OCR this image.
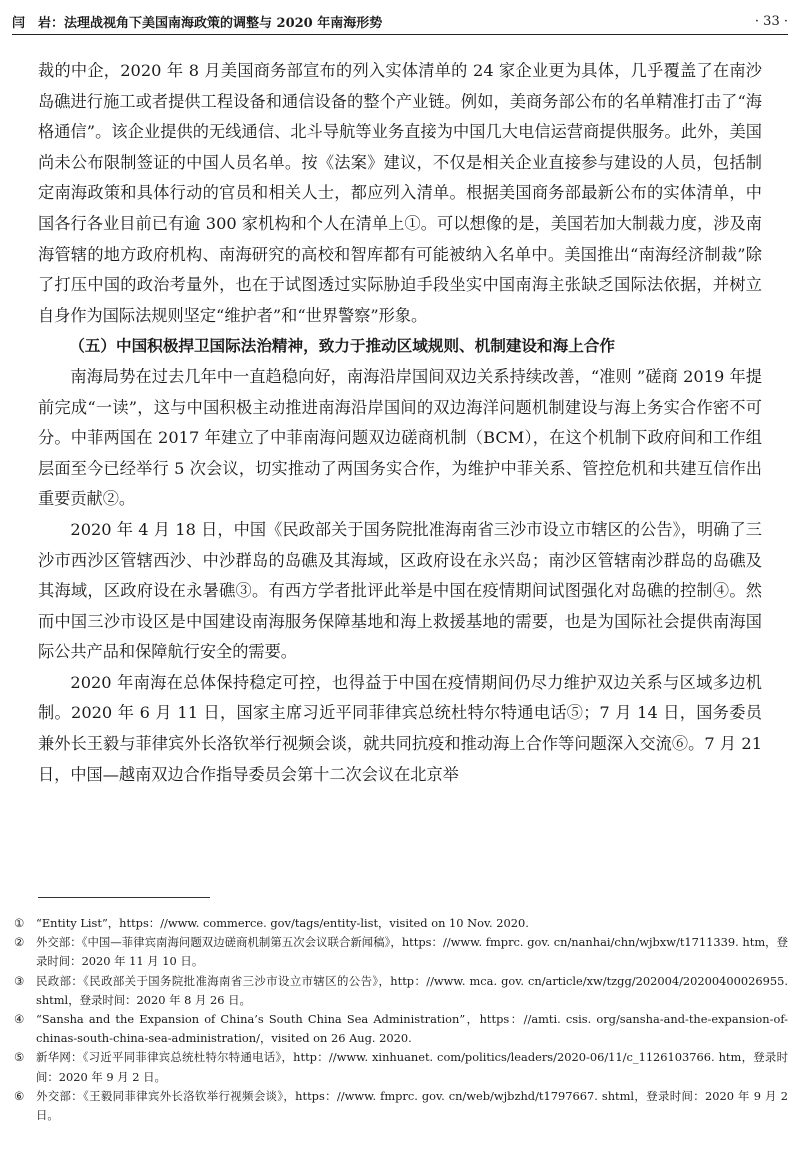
闫　岩：法理战视角下美国南海政策的调整与 2020 年南海形势	· 33 ·

裁的中企，2020 年 8 月美国商务部宣布的列入实体清单的 24 家企业更为具体，几乎覆盖了在南沙岛礁进行施工或者提供工程设备和通信设备的整个产业链。例如，美商务部公布的名单精准打击了“海格通信”。该企业提供的无线通信、北斗导航等业务直接为中国几大电信运营商提供服务。此外，美国尚未公布限制签证的中国人员名单。按《法案》建议，不仅是相关企业直接参与建设的人员，包括制定南海政策和具体行动的官员和相关人士，都应列入清单。根据美国商务部最新公布的实体清单，中国各行各业目前已有逾 300 家机构和个人在清单上①。可以想像的是，美国若加大制裁力度，涉及南海管辖的地方政府机构、南海研究的高校和智库都有可能被纳入名单中。美国推出“南海经济制裁”除了打压中国的政治考量外，也在于试图透过实际胁迫手段坐实中国南海主张缺乏国际法依据，并树立自身作为国际法规则坚定“维护者”和“世界警察”形象。

（五）中国积极捍卫国际法治精神，致力于推动区域规则、机制建设和海上合作

南海局势在过去几年中一直趋稳向好，南海沿岸国间双边关系持续改善，“准则 ”磋商 2019 年提前完成“一读”，这与中国积极主动推进南海沿岸国间的双边海洋问题机制建设与海上务实合作密不可分。中菲两国在 2017 年建立了中菲南海问题双边磋商机制（BCM），在这个机制下政府间和工作组层面至今已经举行 5 次会议，切实推动了两国务实合作，为维护中菲关系、管控危机和共建互信作出重要贡献②。

2020 年 4 月 18 日，中国《民政部关于国务院批准海南省三沙市设立市辖区的公告》，明确了三沙市西沙区管辖西沙、中沙群岛的岛礁及其海域，区政府设在永兴岛；南沙区管辖南沙群岛的岛礁及其海域，区政府设在永暑礁③。有西方学者批评此举是中国在疫情期间试图强化对岛礁的控制④。然而中国三沙市设区是中国建设南海服务保障基地和海上救援基地的需要，也是为国际社会提供南海国际公共产品和保障航行安全的需要。

2020 年南海在总体保持稳定可控，也得益于中国在疫情期间仍尽力维护双边关系与区域多边机制。2020 年 6 月 11 日，国家主席习近平同菲律宾总统杜特尔特通电话⑤；7 月 14 日，国务委员兼外长王毅与菲律宾外长洛钦举行视频会谈，就共同抗疫和推动海上合作等问题深入交流⑥。7 月 21 日，中国—越南双边合作指导委员会第十二次会议在北京举

①	“Entity List”，https：//www. commerce. gov/tags/entity-list，visited on 10 Nov. 2020.
②	外交部：《中国—菲律宾南海问题双边磋商机制第五次会议联合新闻稿》，https：//www. fmprc. gov. cn/nanhai/chn/wjbxw/t1711339. htm，登录时间：2020 年 11 月 10 日。
③	民政部：《民政部关于国务院批准海南省三沙市设立市辖区的公告》，http：//www. mca. gov. cn/article/xw/tzgg/202004/20200400026955. shtml，登录时间：2020 年 8 月 26 日。
④	“Sansha and the Expansion of China’s South China Sea Administration”，https：//amti. csis. org/sansha-and-the-expansion-of-chinas-south-china-sea-administration/，visited on 26 Aug. 2020.
⑤	新华网：《习近平同菲律宾总统杜特尔特通电话》，http：//www. xinhuanet. com/politics/leaders/2020-06/11/c_1126103766. htm，登录时间：2020 年 9 月 2 日。
⑥	外交部：《王毅同菲律宾外长洛钦举行视频会谈》，https：//www. fmprc. gov. cn/web/wjbzhd/t1797667. shtml，登录时间：2020 年 9 月 2 日。
